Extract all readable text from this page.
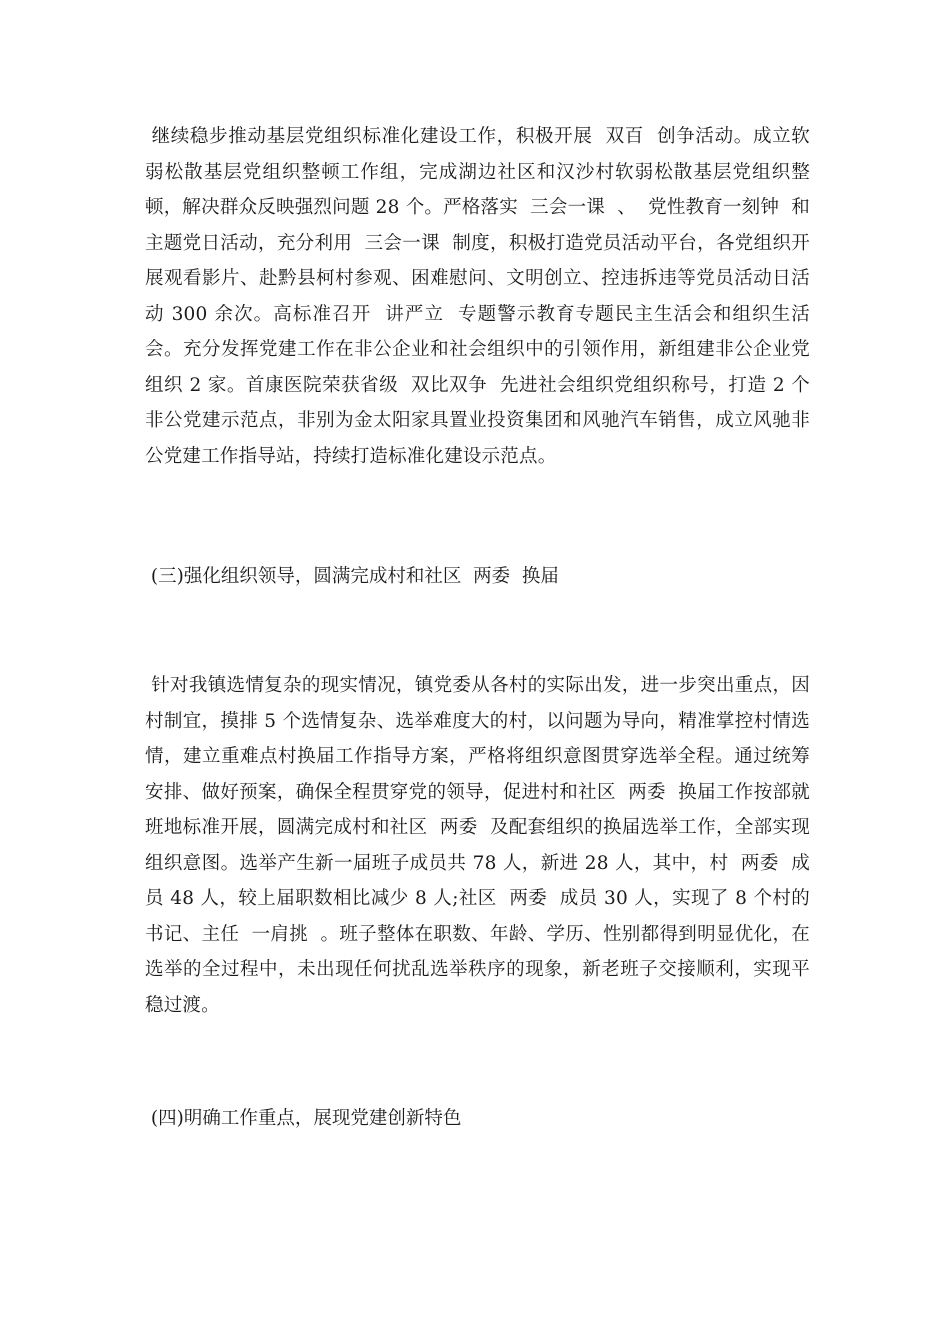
继续稳步推动基层党组织标准化建设工作，积极开展  双百  创争活动。成立软弱松散基层党组织整顿工作组，完成湖边社区和汉沙村软弱松散基层党组织整顿，解决群众反映强烈问题 28 个。严格落实  三会一课  、  党性教育一刻钟  和主题党日活动，充分利用  三会一课  制度，积极打造党员活动平台，各党组织开展观看影片、赴黔县柯村参观、困难慰问、文明创立、控违拆违等党员活动日活动 300 余次。高标准召开  讲严立  专题警示教育专题民主生活会和组织生活会。充分发挥党建工作在非公企业和社会组织中的引领作用，新组建非公企业党组织 2 家。首康医院荣获省级  双比双争  先进社会组织党组织称号，打造 2 个非公党建示范点，非别为金太阳家具置业投资集团和风驰汽车销售，成立风驰非公党建工作指导站，持续打造标准化建设示范点。

(三)强化组织领导，圆满完成村和社区  两委  换届

针对我镇选情复杂的现实情况，镇党委从各村的实际出发，进一步突出重点，因村制宜，摸排 5 个选情复杂、选举难度大的村，以问题为导向，精准掌控村情选情，建立重难点村换届工作指导方案，严格将组织意图贯穿选举全程。通过统筹安排、做好预案，确保全程贯穿党的领导，促进村和社区  两委  换届工作按部就班地标准开展，圆满完成村和社区  两委  及配套组织的换届选举工作，全部实现组织意图。选举产生新一届班子成员共 78 人，新进 28 人，其中，村  两委  成员 48 人，较上届职数相比减少 8 人;社区  两委  成员 30 人，实现了 8 个村的书记、主任  一肩挑  。班子整体在职数、年龄、学历、性别都得到明显优化，在选举的全过程中，未出现任何扰乱选举秩序的现象，新老班子交接顺利，实现平稳过渡。

(四)明确工作重点，展现党建创新特色
